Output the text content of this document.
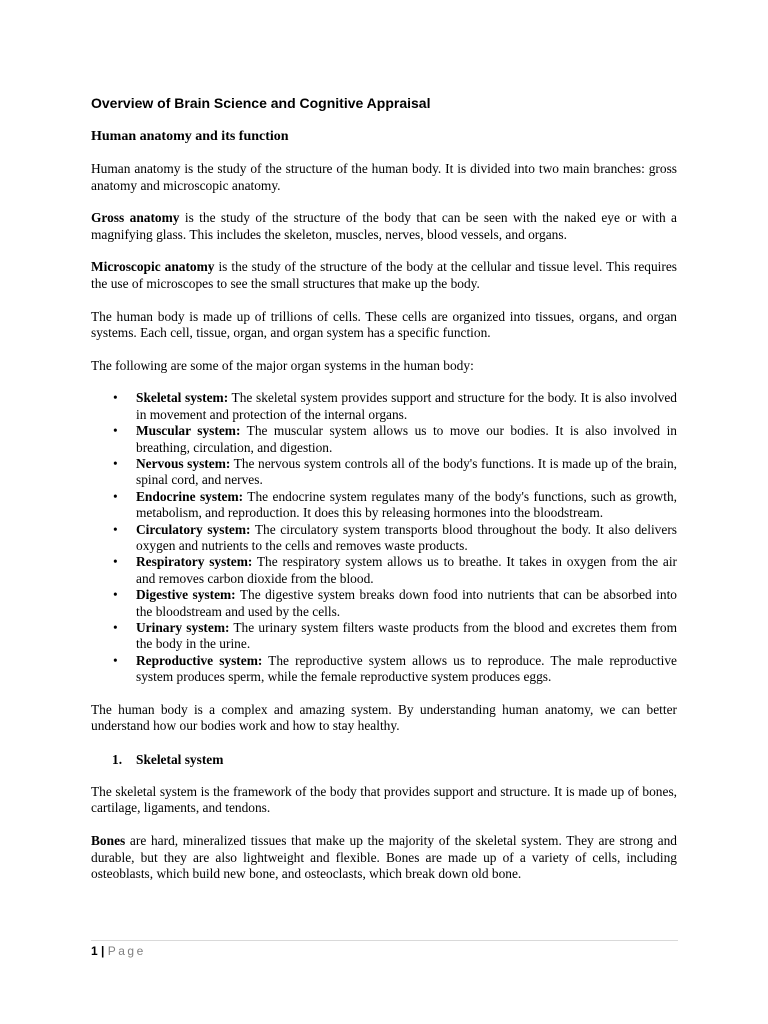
Overview of Brain Science and Cognitive Appraisal
Human anatomy and its function

Human anatomy is the study of the structure of the human body. It is divided into two main branches: gross anatomy and microscopic anatomy.

Gross anatomy is the study of the structure of the body that can be seen with the naked eye or with a magnifying glass. This includes the skeleton, muscles, nerves, blood vessels, and organs.

Microscopic anatomy is the study of the structure of the body at the cellular and tissue level. This requires the use of microscopes to see the small structures that make up the body.

The human body is made up of trillions of cells. These cells are organized into tissues, organs, and organ systems. Each cell, tissue, organ, and organ system has a specific function.

The following are some of the major organ systems in the human body:

• Skeletal system: The skeletal system provides support and structure for the body. It is also involved in movement and protection of the internal organs.
• Muscular system: The muscular system allows us to move our bodies. It is also involved in breathing, circulation, and digestion.
• Nervous system: The nervous system controls all of the body's functions. It is made up of the brain, spinal cord, and nerves.
• Endocrine system: The endocrine system regulates many of the body's functions, such as growth, metabolism, and reproduction. It does this by releasing hormones into the bloodstream.
• Circulatory system: The circulatory system transports blood throughout the body. It also delivers oxygen and nutrients to the cells and removes waste products.
• Respiratory system: The respiratory system allows us to breathe. It takes in oxygen from the air and removes carbon dioxide from the blood.
• Digestive system: The digestive system breaks down food into nutrients that can be absorbed into the bloodstream and used by the cells.
• Urinary system: The urinary system filters waste products from the blood and excretes them from the body in the urine.
• Reproductive system: The reproductive system allows us to reproduce. The male reproductive system produces sperm, while the female reproductive system produces eggs.

The human body is a complex and amazing system. By understanding human anatomy, we can better understand how our bodies work and how to stay healthy.

1. Skeletal system

The skeletal system is the framework of the body that provides support and structure. It is made up of bones, cartilage, ligaments, and tendons.

Bones are hard, mineralized tissues that make up the majority of the skeletal system. They are strong and durable, but they are also lightweight and flexible. Bones are made up of a variety of cells, including osteoblasts, which build new bone, and osteoclasts, which break down old bone.

1 | Page
